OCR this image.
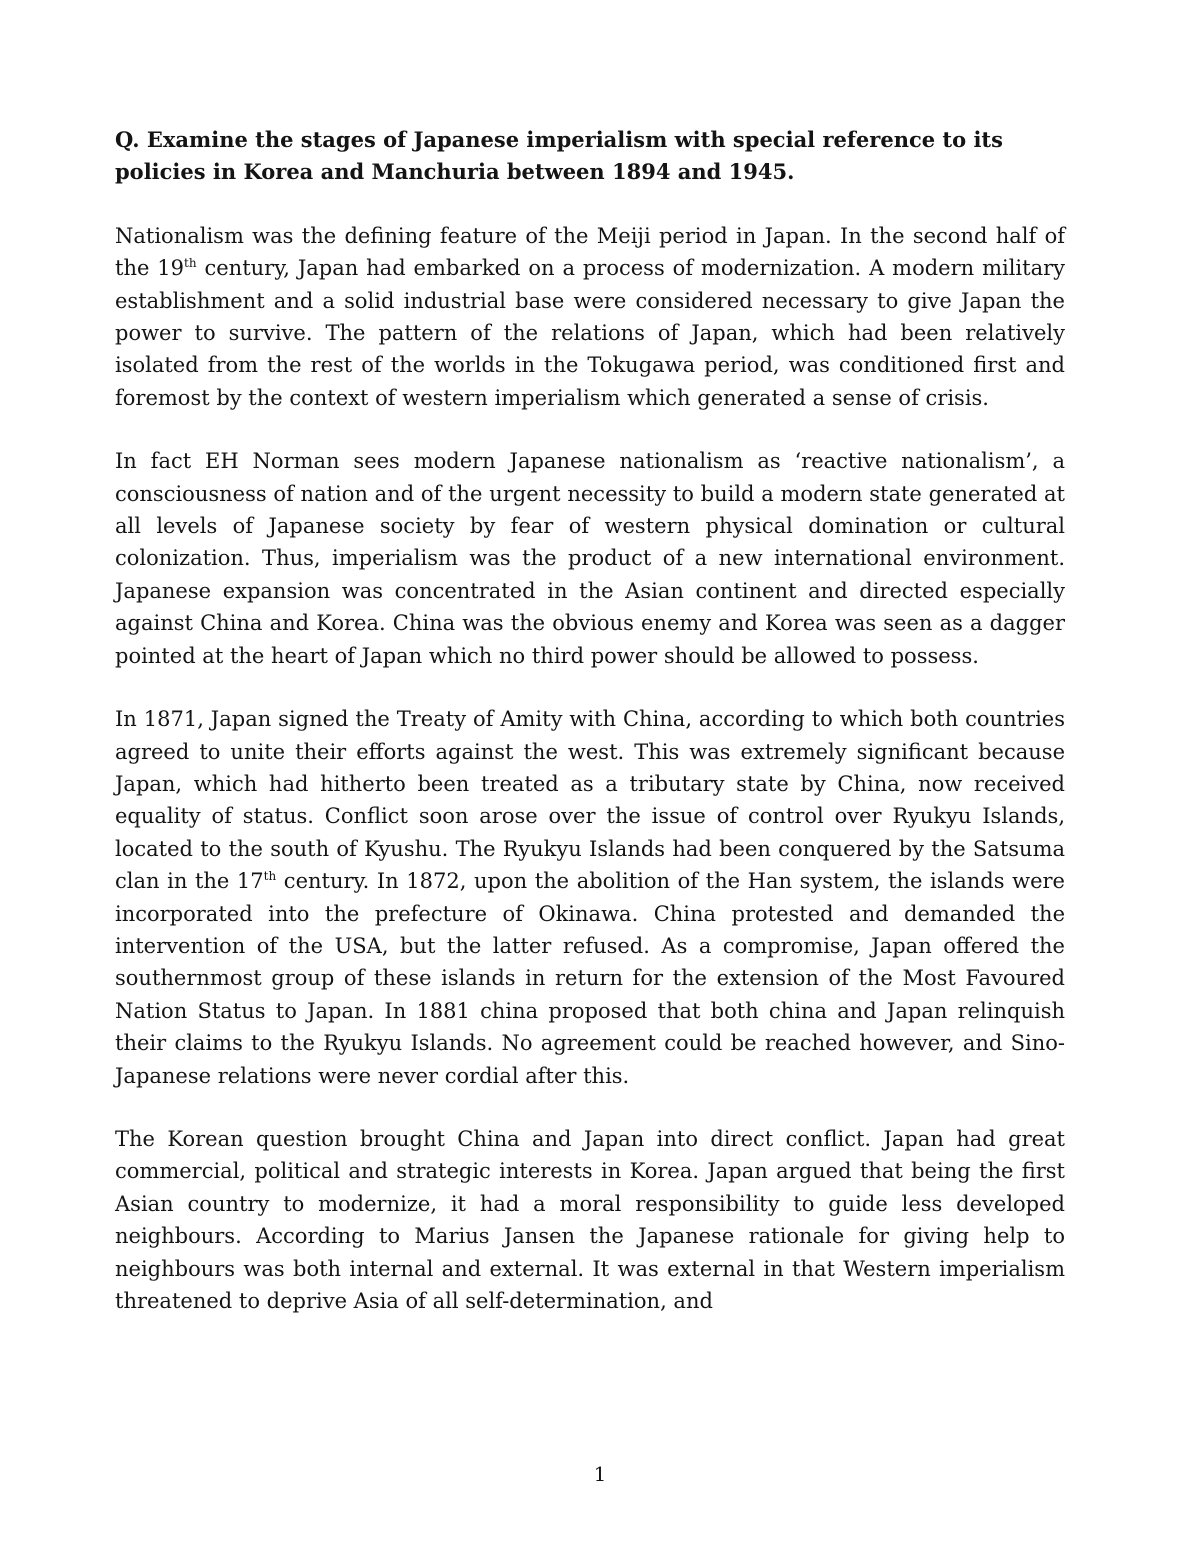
Q. Examine the stages of Japanese imperialism with special reference to its policies in Korea and Manchuria between 1894 and 1945.

Nationalism was the defining feature of the Meiji period in Japan. In the second half of the 19th century, Japan had embarked on a process of modernization. A modern military establishment and a solid industrial base were considered necessary to give Japan the power to survive. The pattern of the relations of Japan, which had been relatively isolated from the rest of the worlds in the Tokugawa period, was conditioned first and foremost by the context of western imperialism which generated a sense of crisis.

In fact EH Norman sees modern Japanese nationalism as ‘reactive nationalism’, a consciousness of nation and of the urgent necessity to build a modern state generated at all levels of Japanese society by fear of western physical domination or cultural colonization. Thus, imperialism was the product of a new international environment. Japanese expansion was concentrated in the Asian continent and directed especially against China and Korea. China was the obvious enemy and Korea was seen as a dagger pointed at the heart of Japan which no third power should be allowed to possess.

In 1871, Japan signed the Treaty of Amity with China, according to which both countries agreed to unite their efforts against the west. This was extremely significant because Japan, which had hitherto been treated as a tributary state by China, now received equality of status. Conflict soon arose over the issue of control over Ryukyu Islands, located to the south of Kyushu. The Ryukyu Islands had been conquered by the Satsuma clan in the 17th century. In 1872, upon the abolition of the Han system, the islands were incorporated into the prefecture of Okinawa. China protested and demanded the intervention of the USA, but the latter refused. As a compromise, Japan offered the southernmost group of these islands in return for the extension of the Most Favoured Nation Status to Japan. In 1881 china proposed that both china and Japan relinquish their claims to the Ryukyu Islands. No agreement could be reached however, and Sino-Japanese relations were never cordial after this.

The Korean question brought China and Japan into direct conflict. Japan had great commercial, political and strategic interests in Korea. Japan argued that being the first Asian country to modernize, it had a moral responsibility to guide less developed neighbours. According to Marius Jansen the Japanese rationale for giving help to neighbours was both internal and external. It was external in that Western imperialism threatened to deprive Asia of all self-determination, and

1
